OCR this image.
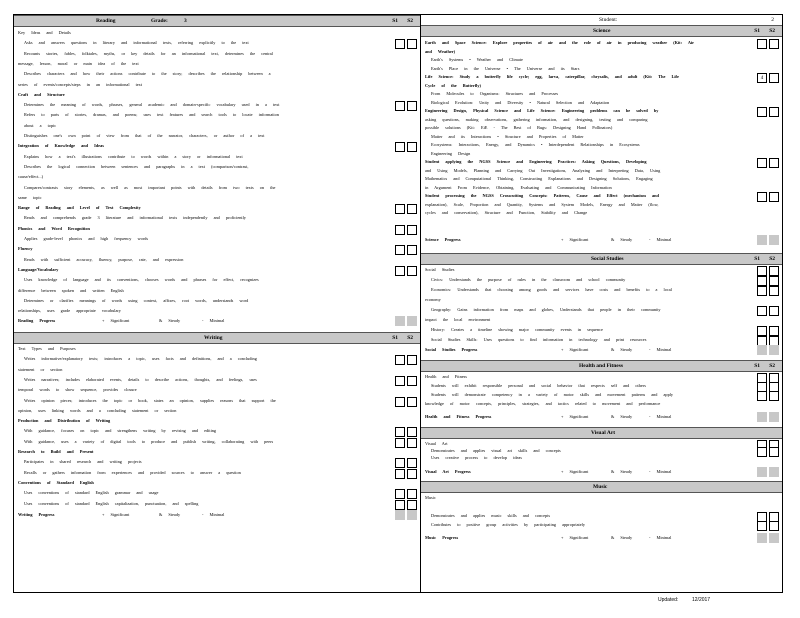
Reading	Grade:	3	S1 S2
Key Ideas and Details
Asks and answers questions in literary and informational texts, referring explicitly to the text
Recounts stories, fables, folktales, myths, or key details for an informational text, determines the central
message, lesson, moral or main idea of the text
Describes characters and how their actions contribute to the story; describes the relationship between a
series of events/concepts/steps in an informational text
Craft and Structure
Determines the meaning of words, phrases, general academic and domain-specific vocabulary used in a text
Refers to parts of stories, dramas, and poems; uses text features and search tools to locate information
about a topic
Distinguishes one's own point of view from that of the narrator, characters, or author of a text
Integration of Knowledge and Ideas
Explains how a text's illustrations contribute to words within a story or informational text
Describes the logical connection between sentences and paragraphs in a text (comparison/contrast,
cause/effect...)
Compares/contrasts story elements, as well as most important points with details from two texts on the
same topic
Range of Reading and Level of Text Complexity
Reads and comprehends grade 3 literature and informational texts independently and proficiently
Phonics and Word Recognition
Applies grade-level phonics and high frequency words
Fluency
Reads with sufficient accuracy, fluency, purpose, rate, and expression
Language/Vocabulary
Uses knowledge of language and its conventions, chooses words and phrases for effect, recognizes
difference between spoken and written English
Determines or clarifies meanings of words using context, affixes, root words, understands word
relationships, uses grade appropriate vocabulary
Reading Progress	+ Significant	& Steady	- Minimal
Writing	S1 S2
Text Types and Purposes
Writes informative/explanatory texts; introduces a topic, uses facts and definitions, and a concluding
statement or section
Writes narratives; includes elaborated events, details to describe actions, thoughts, and feelings, uses
temporal words to show sequence, provides closure
Writes opinion pieces; introduces the topic or book, states an opinion, supplies reasons that support the
opinion, uses linking words and a concluding statement or section
Production and Distribution of Writing
With guidance, focuses on topic and strengthens writing by revising and editing
With guidance, uses a variety of digital tools to produce and publish writing, collaborating with peers
Research to Build and Present
Participates in shared research and writing projects
Recalls or gathers information from experiences and provided sources to answer a question
Conventions of Standard English
Uses conventions of standard English grammar and usage
Uses conventions of standard English capitalization, punctuation, and spelling
Writing Progress	+ Significant	& Steady	- Minimal
Student:	2
Science	S1 S2
Earth and Space Science: Explore properties of air and the role of air in producing weather (Kit: Air
and Weather)
Earth's Systems • Weather and Climate
Earth's Place in the Universe • The Universe and its Stars
Life Science: Study a butterfly life cycle; egg, larva, caterpillar, chrysalis, and adult (Kit: The Life
Cycle of the Butterfly)
From Molecules to Organisms: Structures and Processes
Biological Evolution: Unity and Diversity • Natural Selection and Adaptation
Engineering Design, Physical Science and Life Science: Engineering problems can be solved by
asking questions, making observations, gathering information, and designing, testing and comparing
possible solutions (Kit: EiE - The Best of Bugs: Designing Hand Pollinators)
Matter and its Interactions • Structure and Properties of Matter
Ecosystems: Interactions, Energy, and Dynamics • Interdependent Relationships in Ecosystems
Engineering Design
Student applying the NGSS Science and Engineering Practices: Asking Questions, Developing
and Using Models, Planning and Carrying Out Investigations, Analyzing and Interpreting Data, Using
Mathematics and Computational Thinking, Constructing Explanations and Designing Solutions, Engaging
in Argument From Evidence, Obtaining, Evaluating and Communicating Information
Student processing the NGSS Crosscutting Concepts: Patterns, Cause and Effect (mechanism and
explanation), Scale, Proportion and Quantity, Systems and System Models, Energy and Matter (flow,
cycles and conservation), Structure and Function, Stability and Change
4
Science Progress	+ Significant	& Steady	- Minimal
Social Studies	S1 S2
Social Studies
Civics: Understands the purpose of rules in the classroom and school community
Economics: Understands that choosing among goods and services have costs and benefits to a local
economy
Geography: Gains information from maps and globes, Understands that people in their community
impact the local environment
History: Creates a timeline showing major community events in sequence
Social Studies Skills: Uses questions to find information in technology and print resources
Social Studies Progress	+ Significant	& Steady	- Minimal
Health and Fitness	S1 S2
Health and Fitness
Students will exhibit responsible personal and social behavior that respects self and others
Students will demonstrate competency in a variety of motor skills and movement patterns and apply
knowledge of motor concepts, principles, strategies, and tactics related to movement and performance
Health and Fitness Progress	+ Significant	& Steady	- Minimal
Visual Art
Visual Art
Demonstrates and applies visual art skills and concepts
Uses creative process to develop ideas
Visual Art Progress	+ Significant	& Steady	- Minimal
Music
Music
Demonstrates and applies music skills and concepts
Contributes to positive group activities by participating appropriately
Music Progress	+ Significant	& Steady	- Minimal
Updated:	12/2017
